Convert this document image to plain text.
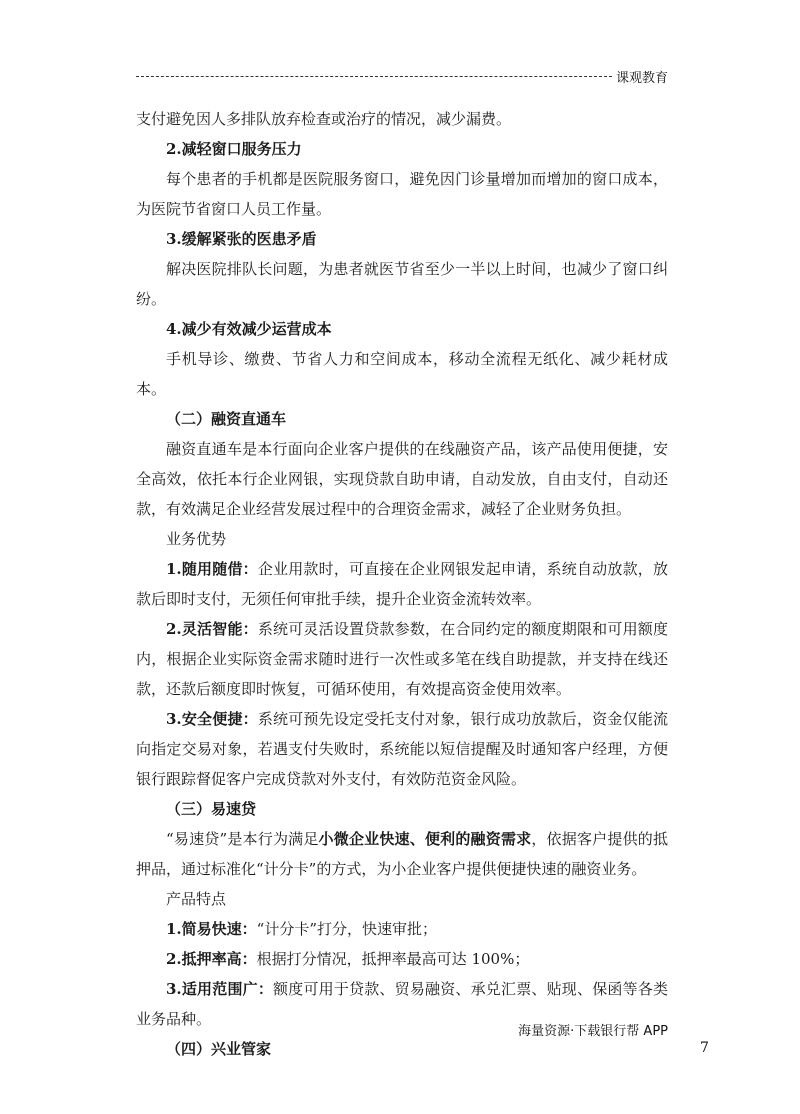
课观教育

支付避免因人多排队放弃检查或治疗的情况，减少漏费。

2.减轻窗口服务压力

每个患者的手机都是医院服务窗口，避免因门诊量增加而增加的窗口成本，为医院节省窗口人员工作量。

3.缓解紧张的医患矛盾

解决医院排队长问题，为患者就医节省至少一半以上时间，也减少了窗口纠纷。

4.减少有效减少运营成本

手机导诊、缴费、节省人力和空间成本，移动全流程无纸化、减少耗材成本。

（二）融资直通车

融资直通车是本行面向企业客户提供的在线融资产品，该产品使用便捷，安全高效，依托本行企业网银，实现贷款自助申请，自动发放，自由支付，自动还款，有效满足企业经营发展过程中的合理资金需求，减轻了企业财务负担。

业务优势

1.随用随借：企业用款时，可直接在企业网银发起申请，系统自动放款，放款后即时支付，无须任何审批手续，提升企业资金流转效率。

2.灵活智能：系统可灵活设置贷款参数，在合同约定的额度期限和可用额度内，根据企业实际资金需求随时进行一次性或多笔在线自助提款，并支持在线还款，还款后额度即时恢复，可循环使用，有效提高资金使用效率。

3.安全便捷：系统可预先设定受托支付对象，银行成功放款后，资金仅能流向指定交易对象，若遇支付失败时，系统能以短信提醒及时通知客户经理，方便银行跟踪督促客户完成贷款对外支付，有效防范资金风险。

（三）易速贷

“易速贷”是本行为满足小微企业快速、便利的融资需求，依据客户提供的抵押品，通过标准化“计分卡”的方式，为小企业客户提供便捷快速的融资业务。

产品特点

1.简易快速：“计分卡”打分，快速审批；

2.抵押率高：根据打分情况，抵押率最高可达 100%；

3.适用范围广：额度可用于贷款、贸易融资、承兑汇票、贴现、保函等各类业务品种。

（四）兴业管家

海量资源·下载银行帮 APP
7
